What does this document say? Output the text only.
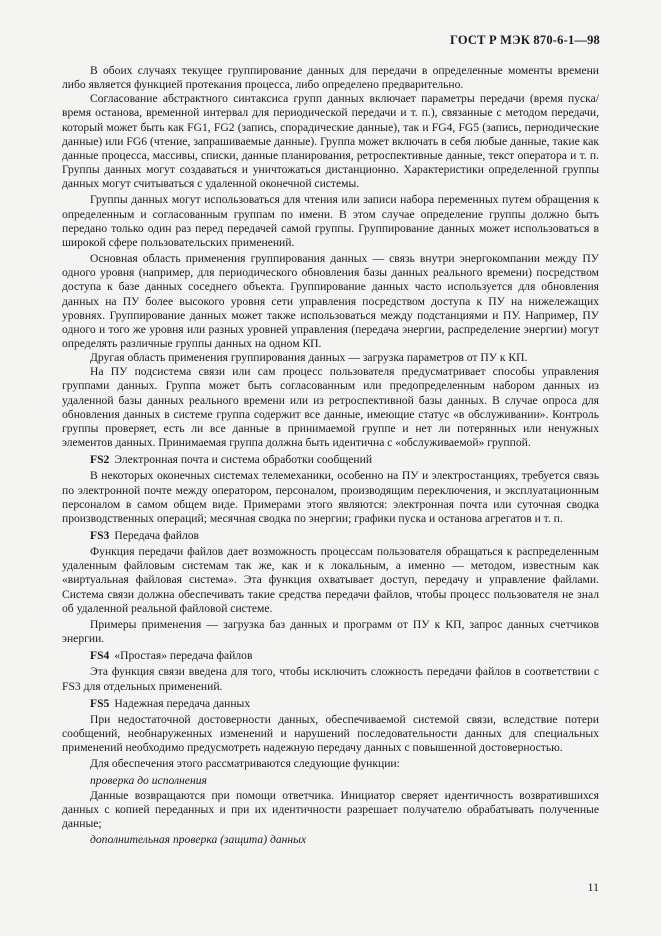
ГОСТ Р МЭК 870-6-1—98

В обоих случаях текущее группирование данных для передачи в определенные моменты времени либо является функцией протекания процесса, либо определено предварительно.

Согласование абстрактного синтаксиса групп данных включает параметры передачи (время пуска/время останова, временной интервал для периодической передачи и т. п.), связанные с методом передачи, который может быть как FG1, FG2 (запись, спорадические данные), так и FG4, FG5 (запись, периодические данные) или FG6 (чтение, запрашиваемые данные). Группа может включать в себя любые данные, такие как данные процесса, массивы, списки, данные планирования, ретроспективные данные, текст оператора и т. п. Группы данных могут создаваться и уничтожаться дистанционно. Характеристики определенной группы данных могут считываться с удаленной оконечной системы.

Группы данных могут использоваться для чтения или записи набора переменных путем обращения к определенным и согласованным группам по имени. В этом случае определение группы должно быть передано только один раз перед передачей самой группы. Группирование данных может использоваться в широкой сфере пользовательских применений.

Основная область применения группирования данных — связь внутри энергокомпании между ПУ одного уровня (например, для периодического обновления базы данных реального времени) посредством доступа к базе данных соседнего объекта. Группирование данных часто используется для обновления данных на ПУ более высокого уровня сети управления посредством доступа к ПУ на нижележащих уровнях. Группирование данных может также использоваться между подстанциями и ПУ. Например, ПУ одного и того же уровня или разных уровней управления (передача энергии, распределение энергии) могут определять различные группы данных на одном КП.

Другая область применения группирования данных — загрузка параметров от ПУ к КП.

На ПУ подсистема связи или сам процесс пользователя предусматривает способы управления группами данных. Группа может быть согласованным или предопределенным набором данных из удаленной базы данных реального времени или из ретроспективной базы данных. В случае опроса для обновления данных в системе группа содержит все данные, имеющие статус «в обслуживании». Контроль группы проверяет, есть ли все данные в принимаемой группе и нет ли потерянных или ненужных элементов данных. Принимаемая группа должна быть идентична с «обслуживаемой» группой.

FS2 Электронная почта и система обработки сообщений

В некоторых оконечных системах телемеханики, особенно на ПУ и электростанциях, требуется связь по электронной почте между оператором, персоналом, производящим переключения, и эксплуатационным персоналом в самом общем виде. Примерами этого являются: электронная почта или суточная сводка производственных операций; месячная сводка по энергии; графики пуска и останова агрегатов и т. п.

FS3 Передача файлов

Функция передачи файлов дает возможность процессам пользователя обращаться к распределенным удаленным файловым системам так же, как и к локальным, а именно — методом, известным как «виртуальная файловая система». Эта функция охватывает доступ, передачу и управление файлами. Система связи должна обеспечивать такие средства передачи файлов, чтобы процесс пользователя не знал об удаленной реальной файловой системе.

Примеры применения — загрузка баз данных и программ от ПУ к КП, запрос данных счетчиков энергии.

FS4 «Простая» передача файлов

Эта функция связи введена для того, чтобы исключить сложность передачи файлов в соответствии с FS3 для отдельных применений.

FS5 Надежная передача данных

При недостаточной достоверности данных, обеспечиваемой системой связи, вследствие потери сообщений, необнаруженных изменений и нарушений последовательности данных для специальных применений необходимо предусмотреть надежную передачу данных с повышенной достоверностью.

Для обеспечения этого рассматриваются следующие функции:

проверка до исполнения

Данные возвращаются при помощи ответчика. Инициатор сверяет идентичность возвратившихся данных с копией переданных и при их идентичности разрешает получателю обрабатывать полученные данные;

дополнительная проверка (защита) данных

11
